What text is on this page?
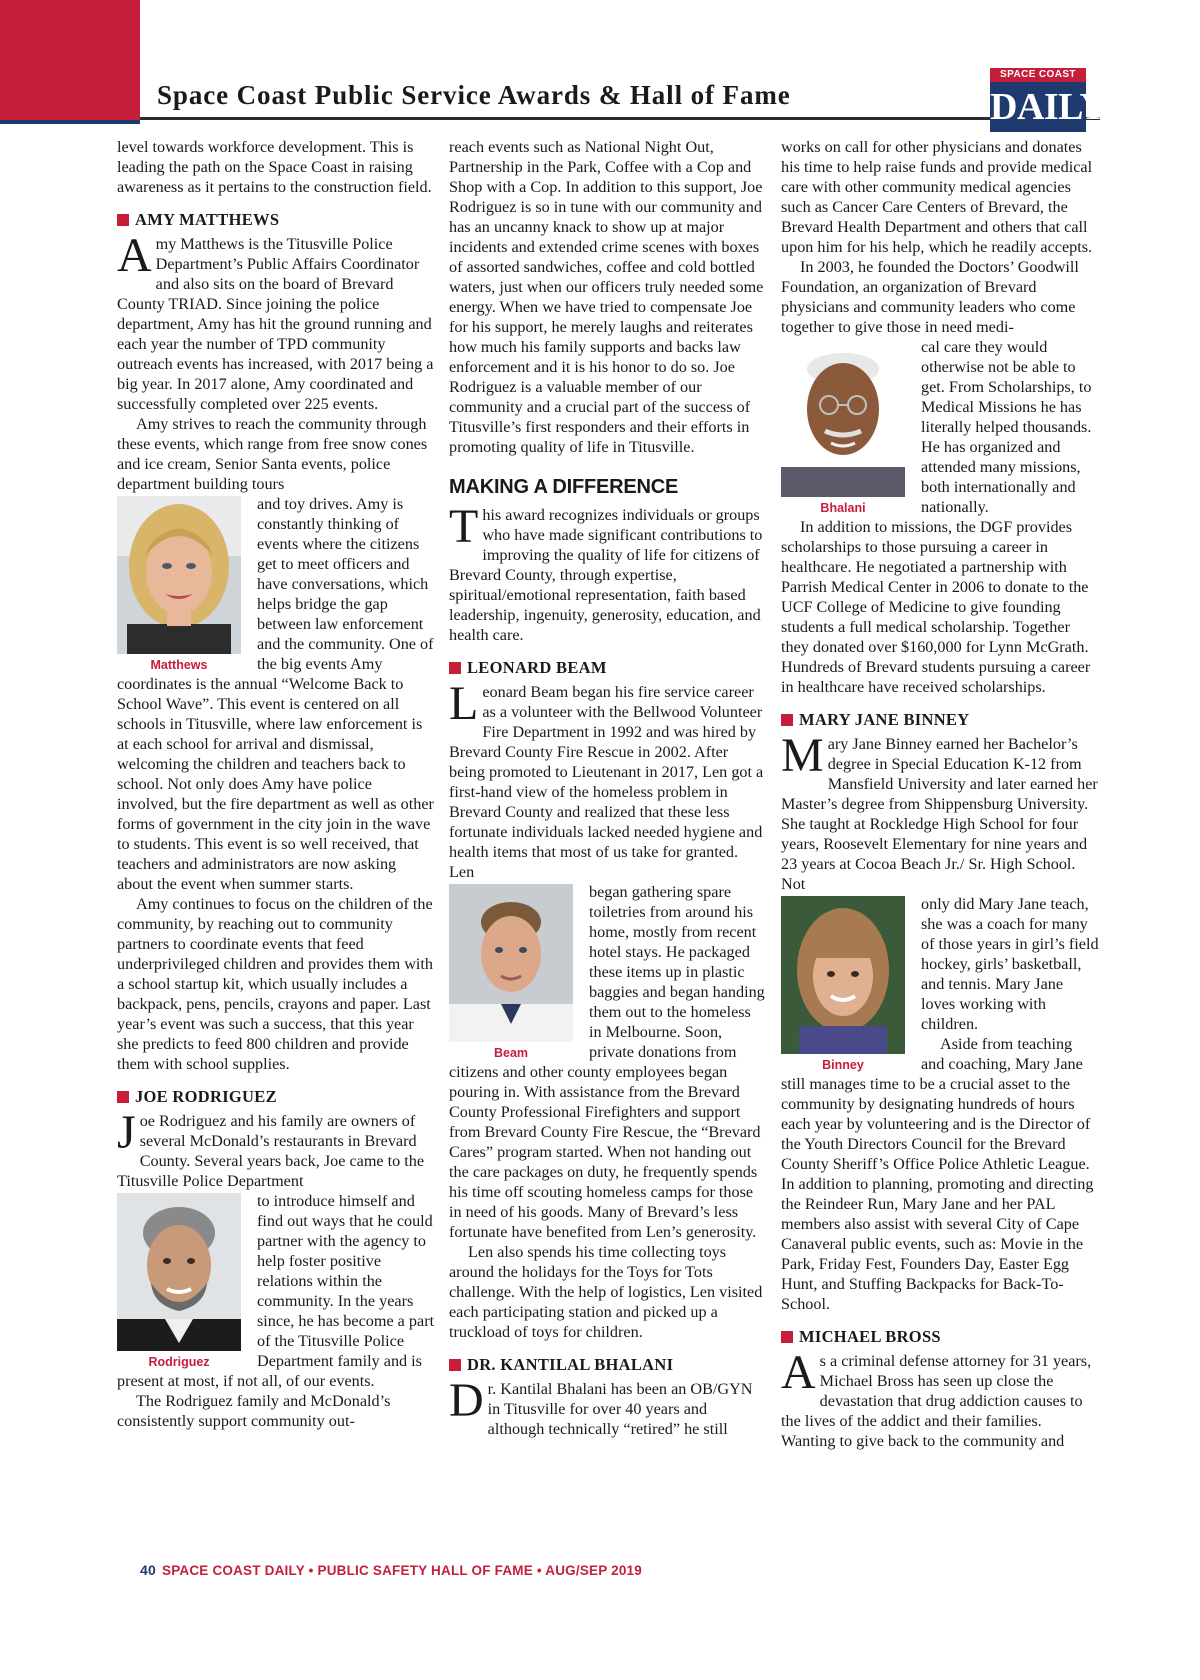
Space Coast Public Service Awards & Hall of Fame
SPACE COAST
DAILY

level towards workforce development. This is leading the path on the Space Coast in raising awareness as it pertains to the construction field.

AMY MATTHEWS

Amy Matthews is the Titusville Police Department’s Public Affairs Coordinator and also sits on the board of Brevard County TRIAD. Since joining the police department, Amy has hit the ground running and each year the number of TPD community outreach events has increased, with 2017 being a big year. In 2017 alone, Amy coordinated and successfully completed over 225 events.

Amy strives to reach the community through these events, which range from free snow cones and ice cream, Senior Santa events, police department building tours

Matthews

and toy drives. Amy is constantly thinking of events where the citizens get to meet officers and have conversations, which helps bridge the gap between law enforcement and the community. One of the big events Amy coordinates is the annual “Welcome Back to School Wave”. This event is centered on all schools in Titusville, where law enforcement is at each school for arrival and dismissal, welcoming the children and teachers back to school. Not only does Amy have police involved, but the fire department as well as other forms of government in the city join in the wave to students. This event is so well received, that teachers and administrators are now asking about the event when summer starts.

Amy continues to focus on the children of the community, by reaching out to community partners to coordinate events that feed underprivileged children and provides them with a school startup kit, which usually includes a backpack, pens, pencils, crayons and paper. Last year’s event was such a success, that this year she predicts to feed 800 children and provide them with school supplies.

JOE RODRIGUEZ

Joe Rodriguez and his family are owners of several McDonald’s restaurants in Brevard County. Several years back, Joe came to the Titusville Police Department

Rodriguez

to introduce himself and find out ways that he could partner with the agency to help foster positive relations within the community. In the years since, he has become a part of the Titusville Police Department family and is present at most, if not all, of our events.

The Rodriguez family and McDonald’s consistently support community out-

reach events such as National Night Out, Partnership in the Park, Coffee with a Cop and Shop with a Cop. In addition to this support, Joe Rodriguez is so in tune with our community and has an uncanny knack to show up at major incidents and extended crime scenes with boxes of assorted sandwiches, coffee and cold bottled waters, just when our officers truly needed some energy. When we have tried to compensate Joe for his support, he merely laughs and reiterates how much his family supports and backs law enforcement and it is his honor to do so. Joe Rodriguez is a valuable member of our community and a crucial part of the success of Titusville’s first responders and their efforts in promoting quality of life in Titusville.

MAKING A DIFFERENCE

This award recognizes individuals or groups who have made significant contributions to improving the quality of life for citizens of Brevard County, through expertise, spiritual/emotional representation, faith based leadership, ingenuity, generosity, education, and health care.

LEONARD BEAM

Leonard Beam began his fire service career as a volunteer with the Bellwood Volunteer Fire Department in 1992 and was hired by Brevard County Fire Rescue in 2002. After being promoted to Lieutenant in 2017, Len got a first-hand view of the homeless problem in Brevard County and realized that these less fortunate individuals lacked needed hygiene and health items that most of us take for granted. Len

Beam

began gathering spare toiletries from around his home, mostly from recent hotel stays. He packaged these items up in plastic baggies and began handing them out to the homeless in Melbourne. Soon, private donations from citizens and other county employees began pouring in. With assistance from the Brevard County Professional Firefighters and support from Brevard County Fire Rescue, the “Brevard Cares” program started. When not handing out the care packages on duty, he frequently spends his time off scouting homeless camps for those in need of his goods. Many of Brevard’s less fortunate have benefited from Len’s generosity.

Len also spends his time collecting toys around the holidays for the Toys for Tots challenge. With the help of logistics, Len visited each participating station and picked up a truckload of toys for children.

DR. KANTILAL BHALANI

Dr. Kantilal Bhalani has been an OB/GYN in Titusville for over 40 years and although technically “retired” he still

works on call for other physicians and donates his time to help raise funds and provide medical care with other community medical agencies such as Cancer Care Centers of Brevard, the Brevard Health Department and others that call upon him for his help, which he readily accepts.

In 2003, he founded the Doctors’ Goodwill Foundation, an organization of Brevard physicians and community leaders who come together to give those in need medi-

Bhalani

cal care they would otherwise not be able to get. From Scholarships, to Medical Missions he has literally helped thousands. He has organized and attended many missions, both internationally and nationally.

In addition to missions, the DGF provides scholarships to those pursuing a career in healthcare. He negotiated a partnership with Parrish Medical Center in 2006 to donate to the UCF College of Medicine to give founding students a full medical scholarship. Together they donated over $160,000 for Lynn McGrath. Hundreds of Brevard students pursuing a career in healthcare have received scholarships.

MARY JANE BINNEY

Mary Jane Binney earned her Bachelor’s degree in Special Education K-12 from Mansfield University and later earned her Master’s degree from Shippensburg University. She taught at Rockledge High School for four years, Roosevelt Elementary for nine years and 23 years at Cocoa Beach Jr./ Sr. High School. Not

Binney

only did Mary Jane teach, she was a coach for many of those years in girl’s field hockey, girls’ basketball, and tennis. Mary Jane loves working with children.

Aside from teaching and coaching, Mary Jane still manages time to be a crucial asset to the community by designating hundreds of hours each year by volunteering and is the Director of the Youth Directors Council for the Brevard County Sheriff’s Office Police Athletic League. In addition to planning, promoting and directing the Reindeer Run, Mary Jane and her PAL members also assist with several City of Cape Canaveral public events, such as: Movie in the Park, Friday Fest, Founders Day, Easter Egg Hunt, and Stuffing Backpacks for Back-To-School.

MICHAEL BROSS

As a criminal defense attorney for 31 years, Michael Bross has seen up close the devastation that drug addiction causes to the lives of the addict and their families. Wanting to give back to the community and

40 SPACE COAST DAILY • PUBLIC SAFETY HALL OF FAME • AUG/SEP 2019
